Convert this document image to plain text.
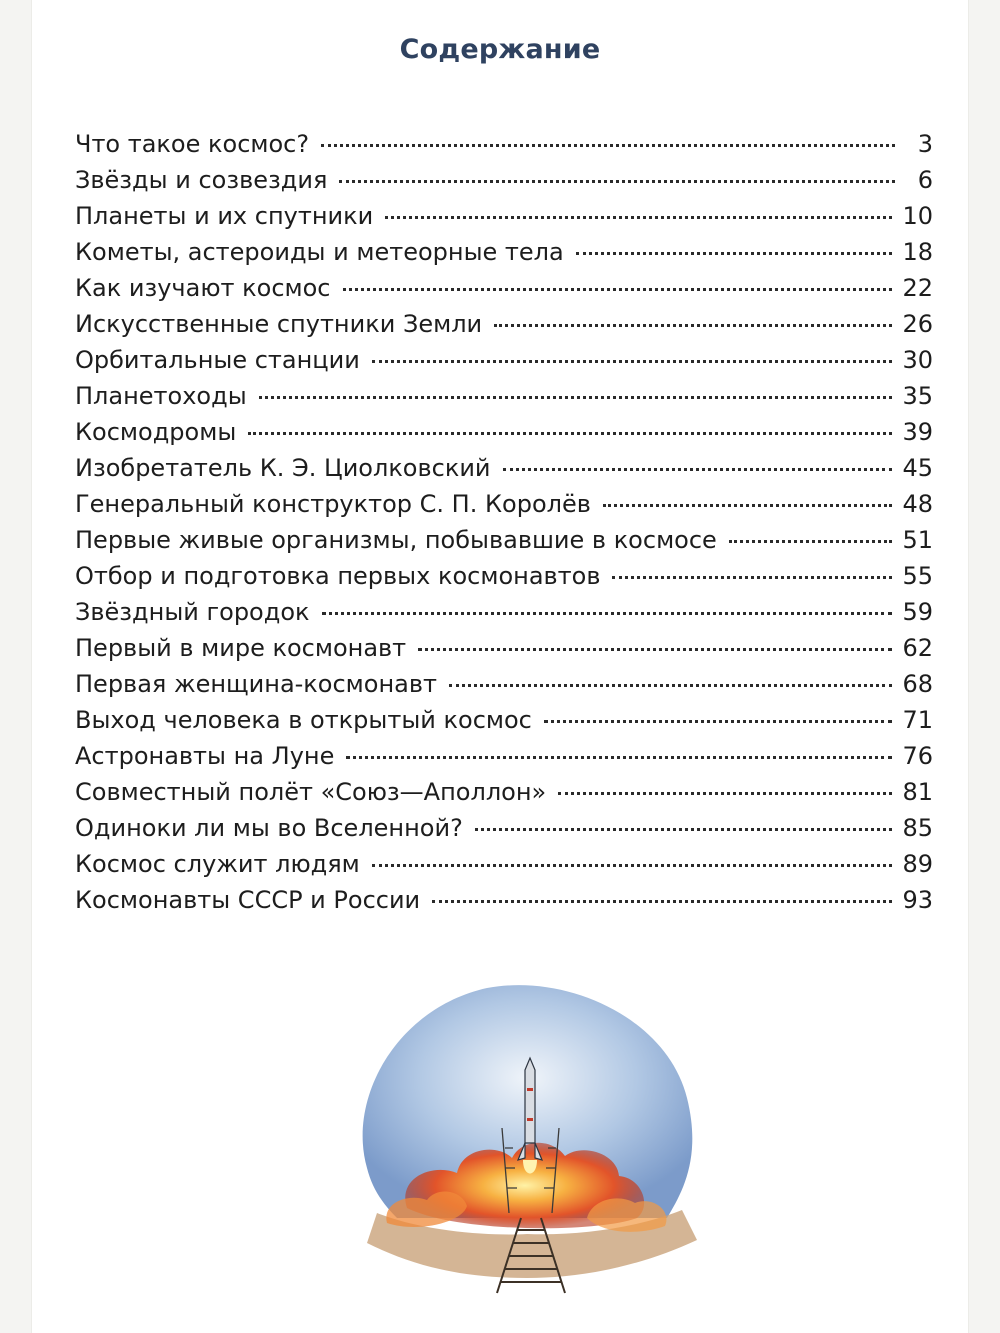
Содержание
Что такое космос?	3
Звёзды и созвездия	6
Планеты и их спутники	10
Кометы, астероиды и метеорные тела	18
Как изучают космос	22
Искусственные спутники Земли	26
Орбитальные станции	30
Планетоходы	35
Космодромы	39
Изобретатель К. Э. Циолковский	45
Генеральный конструктор С. П. Королёв	48
Первые живые организмы, побывавшие в космосе	51
Отбор и подготовка первых космонавтов	55
Звёздный городок	59
Первый в мире космонавт	62
Первая женщина-космонавт	68
Выход человека в открытый космос	71
Астронавты на Луне	76
Совместный полёт «Союз—Аполлон»	81
Одиноки ли мы во Вселенной?	85
Космос служит людям	89
Космонавты СССР и России	93
